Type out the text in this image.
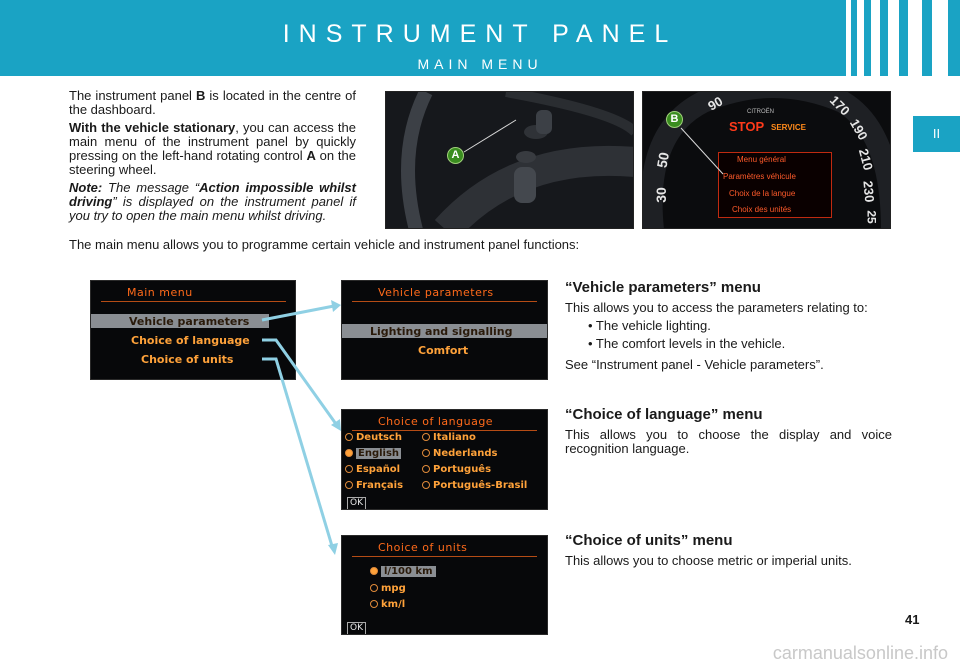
INSTRUMENT PANEL
MAIN MENU
II

The instrument panel B is located in the centre of the dashboard.

With the vehicle stationary, you can access the main menu of the instrument panel by quickly pressing on the left-hand rotating control A on the steering wheel.

Note: The message “Action impossible whilst driving” is displayed on the instrument panel if you try to open the main menu whilst driving.

The main menu allows you to programme certain vehicle and instrument panel functions:
A	50
30
90	170
190
210
230
25
CITROËN
STOP SERVICE
Menu général
Paramètres véhicule
Choix de la langue
Choix des unités
B
Main menu
Vehicle parameters
Choice of language
Choice of units
Vehicle parameters
Lighting and signalling
Comfort
Choice of language
Deutsch
English
Español
Français
Italiano
Nederlands
Português
Português-Brasil
OK
Choice of units
l/100 km
mpg
km/l
OK
“Vehicle parameters” menu

This allows you to access the parameters relating to:

• The vehicle lighting.
• The comfort levels in the vehicle.
See “Instrument panel - Vehicle parameters”.
“Choice of language” menu

This allows you to choose the display and voice recognition language.

“Choice of units” menu

This allows you to choose metric or imperial units.

41
carmanualsonline.info
